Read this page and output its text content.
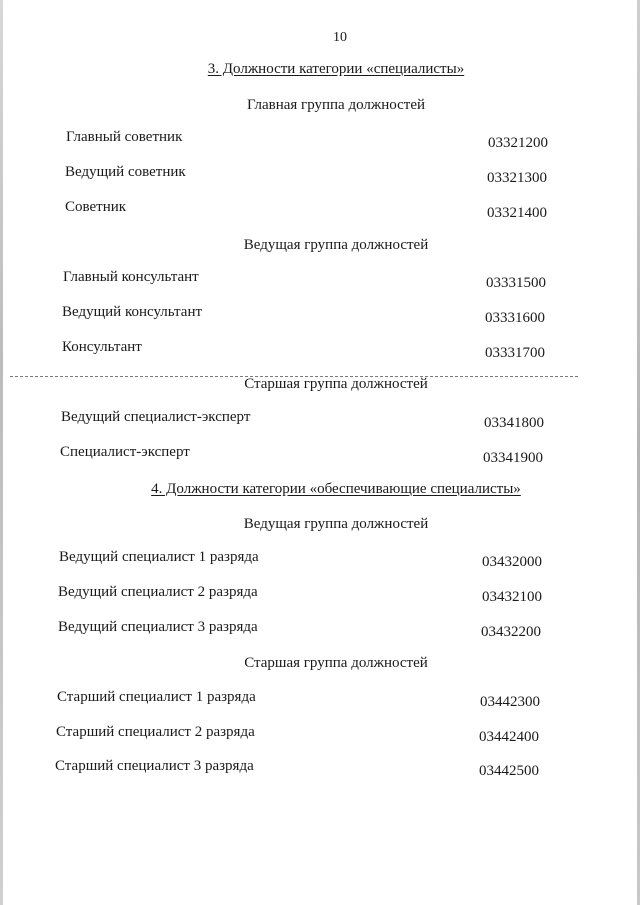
10
3. Должности категории «специалисты»
Главная группа должностей
Главный советник	03321200
Ведущий советник	03321300
Советник	03321400
Ведущая группа должностей
Главный консультант	03331500
Ведущий консультант	03331600
Консультант	03331700
Старшая группа должностей
Ведущий специалист-эксперт	03341800
Специалист-эксперт	03341900
4. Должности категории «обеспечивающие специалисты»
Ведущая группа должностей
Ведущий специалист 1 разряда	03432000
Ведущий специалист 2 разряда	03432100
Ведущий специалист 3 разряда	03432200
Старшая группа должностей
Старший специалист 1 разряда	03442300
Старший специалист 2 разряда	03442400
Старший специалист 3 разряда	03442500
